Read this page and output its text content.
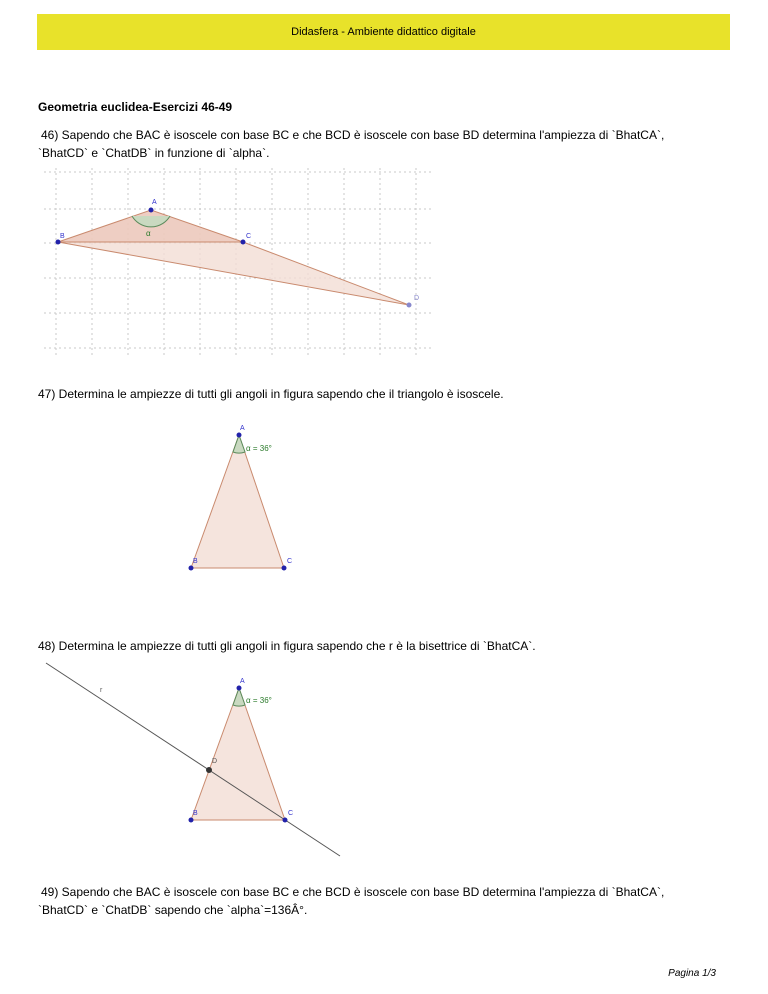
Didasfera - Ambiente didattico digitale
Geometria euclidea-Esercizi 46-49
46) Sapendo che BAC è isoscele con base BC e che BCD è isoscele con base BD determina l'ampiezza di `BhatCA`,
`BhatCD` e `ChatDB` in funzione di `alpha`.
α
A
B	C
D
47) Determina le ampiezze di tutti gli angoli in figura sapendo che il triangolo è isoscele.
α = 36°
A
B	C
48) Determina le ampiezze di tutti gli angoli in figura sapendo che r è la bisettrice di `BhatCA`.
α = 36°
r
A
B	C
D
49) Sapendo che BAC è isoscele con base BC e che BCD è isoscele con base BD determina l'ampiezza di `BhatCA`,
`BhatCD` e `ChatDB` sapendo che `alpha`=136Â°.
Pagina 1/3
